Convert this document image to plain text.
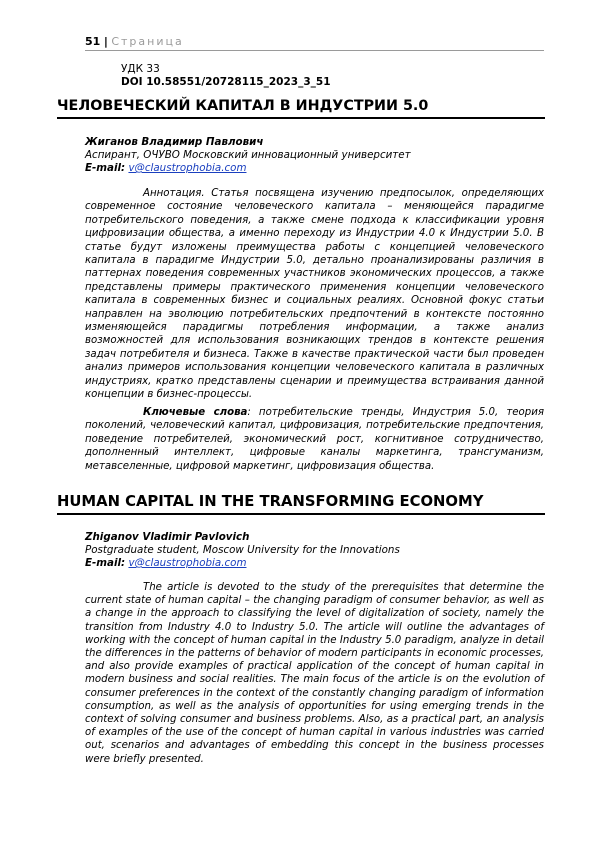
51 | Страница
УДК 33
DOI 10.58551/20728115_2023_3_51
ЧЕЛОВЕЧЕСКИЙ КАПИТАЛ В ИНДУСТРИИ 5.0
Жиганов Владимир Павлович
Аспирант, ОЧУВО Московский инновационный университет
E-mail: v@claustrophobia.com

Аннотация. Статья посвящена изучению предпосылок, определяющих современное состояние человеческого капитала – меняющейся парадигме потребительского поведения, а также смене подхода к классификации уровня цифровизации общества, а именно переходу из Индустрии 4.0 к Индустрии 5.0. В статье будут изложены преимущества работы с концепцией человеческого капитала в парадигме Индустрии 5.0, детально проанализированы различия в паттернах поведения современных участников экономических процессов, а также представлены примеры практического применения концепции человеческого капитала в современных бизнес и социальных реалиях. Основной фокус статьи направлен на эволюцию потребительских предпочтений в контексте постоянно изменяющейся парадигмы потребления информации, а также анализ возможностей для использования возникающих трендов в контексте решения задач потребителя и бизнеса. Также в качестве практической части был проведен анализ примеров использования концепции человеческого капитала в различных индустриях, кратко представлены сценарии и преимущества встраивания данной концепции в бизнес-процессы.

Ключевые слова: потребительские тренды, Индустрия 5.0, теория поколений, человеческий капитал, цифровизация, потребительские предпочтения, поведение потребителей, экономический рост, когнитивное сотрудничество, дополненный интеллект, цифровые каналы маркетинга, трансгуманизм, метавселенные, цифровой маркетинг, цифровизация общества.

HUMAN CAPITAL IN THE TRANSFORMING ECONOMY
Zhiganov Vladimir Pavlovich
Postgraduate student, Moscow University for the Innovations
E-mail: v@claustrophobia.com

The article is devoted to the study of the prerequisites that determine the current state of human capital – the changing paradigm of consumer behavior, as well as a change in the approach to classifying the level of digitalization of society, namely the transition from Industry 4.0 to Industry 5.0. The article will outline the advantages of working with the concept of human capital in the Industry 5.0 paradigm, analyze in detail the differences in the patterns of behavior of modern participants in economic processes, and also provide examples of practical application of the concept of human capital in modern business and social realities. The main focus of the article is on the evolution of consumer preferences in the context of the constantly changing paradigm of information consumption, as well as the analysis of opportunities for using emerging trends in the context of solving consumer and business problems. Also, as a practical part, an analysis of examples of the use of the concept of human capital in various industries was carried out, scenarios and advantages of embedding this concept in the business processes were briefly presented.
